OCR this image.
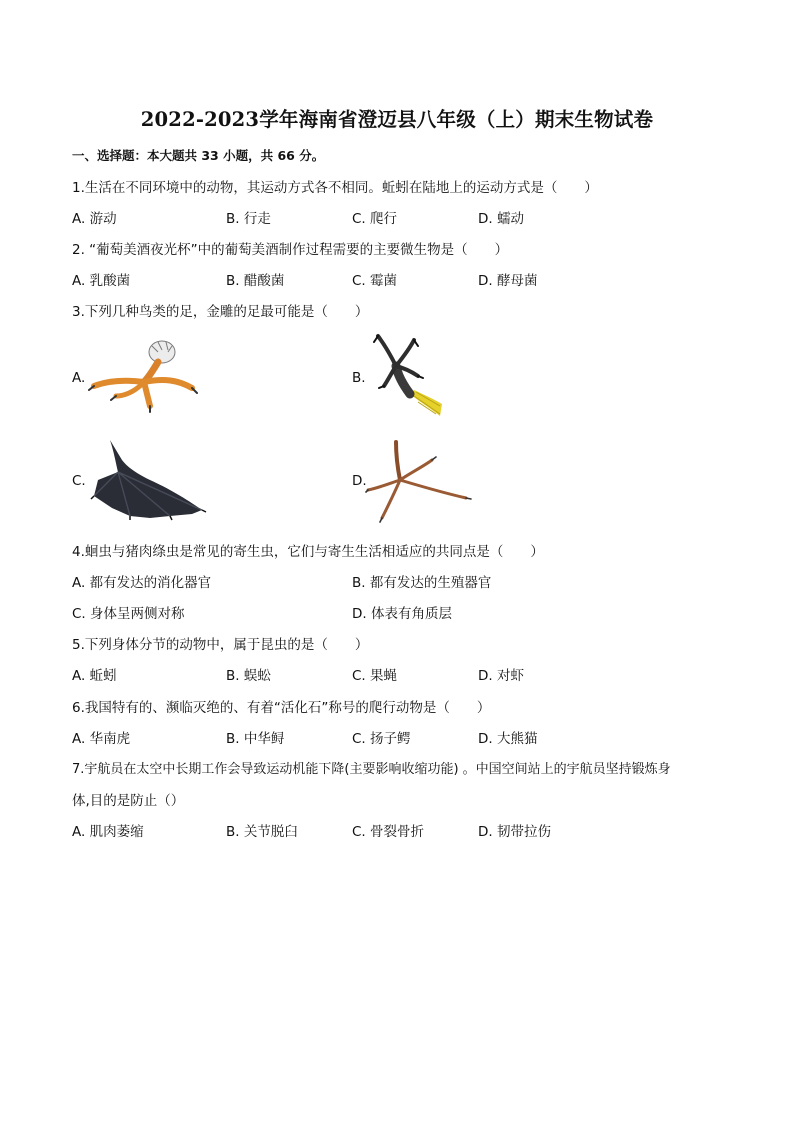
2022-2023学年海南省澄迈县八年级（上）期末生物试卷
一、选择题：本大题共 33 小题，共 66 分。
1.生活在不同环境中的动物，其运动方式各不相同。蚯蚓在陆地上的运动方式是（　　）
A. 游动	B. 行走	C. 爬行	D. 蠕动
2. “葡萄美酒夜光杯”中的葡萄美酒制作过程需要的主要微生物是（　　）
A. 乳酸菌	B. 醋酸菌	C. 霉菌	D. 酵母菌
3.下列几种鸟类的足，金雕的足最可能是（　　）
A.	B.
C.	D.
4.蛔虫与猪肉绦虫是常见的寄生虫，它们与寄生生活相适应的共同点是（　　）
A. 都有发达的消化器官	B. 都有发达的生殖器官
C. 身体呈两侧对称	D. 体表有角质层
5.下列身体分节的动物中，属于昆虫的是（　　）
A. 蚯蚓	B. 蜈蚣	C. 果蝇	D. 对虾
6.我国特有的、濒临灭绝的、有着“活化石”称号的爬行动物是（　　）
A. 华南虎	B. 中华鲟	C. 扬子鳄	D. 大熊猫
7.宇航员在太空中长期工作会导致运动机能下降(主要影响收缩功能) 。中国空间站上的宇航员坚持锻炼身
体,目的是防止（）
A. 肌肉萎缩	B. 关节脱臼	C. 骨裂骨折	D. 韧带拉伤
